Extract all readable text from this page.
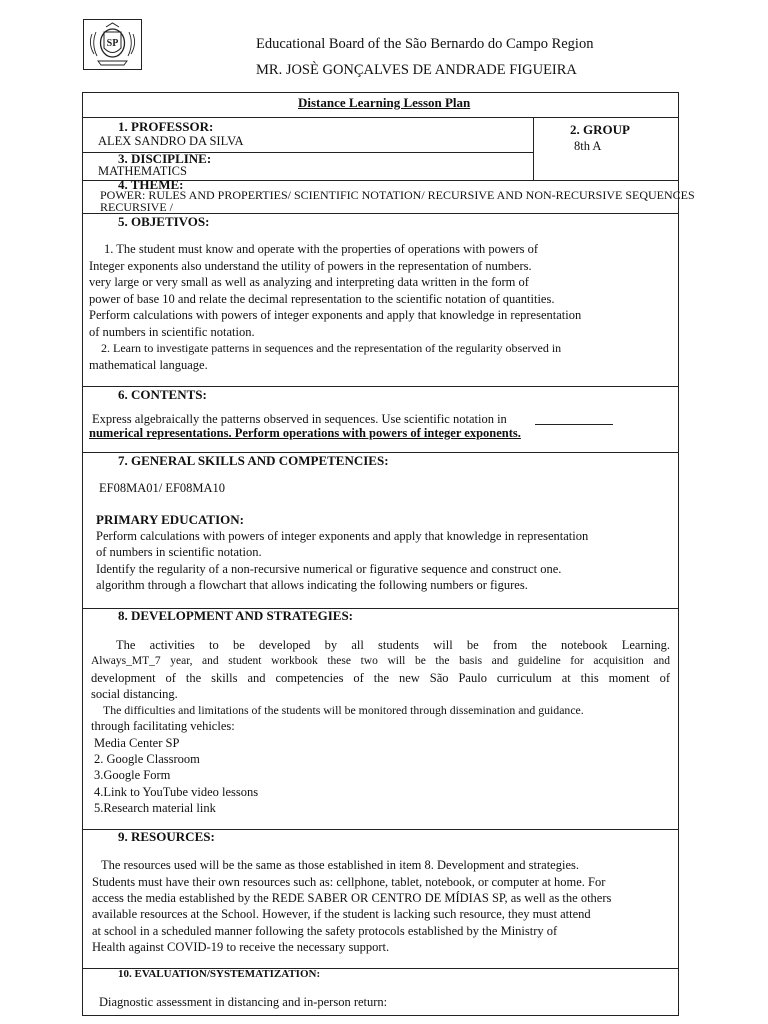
SP	Educational Board of the São Bernardo do Campo Region
MR. JOSÈ GONÇALVES DE ANDRADE FIGUEIRA
Distance Learning Lesson Plan
1. PROFESSOR:
ALEX SANDRO DA SILVA
2. GROUP
8th A
3. DISCIPLINE:
MATHEMATICS
4. THEME:
POWER: RULES AND PROPERTIES/ SCIENTIFIC NOTATION/ RECURSIVE AND NON-RECURSIVE SEQUENCES
RECURSIVE /
5. OBJETIVOS:
1. The student must know and operate with the properties of operations with powers of
Integer exponents also understand the utility of powers in the representation of numbers.
very large or very small as well as analyzing and interpreting data written in the form of
power of base 10 and relate the decimal representation to the scientific notation of quantities.
Perform calculations with powers of integer exponents and apply that knowledge in representation
of numbers in scientific notation.
2. Learn to investigate patterns in sequences and the representation of the regularity observed in
mathematical language.
6. CONTENTS:
Express algebraically the patterns observed in sequences. Use scientific notation in
numerical representations. Perform operations with powers of integer exponents.
7. GENERAL SKILLS AND COMPETENCIES:
EF08MA01/ EF08MA10
PRIMARY EDUCATION:
Perform calculations with powers of integer exponents and apply that knowledge in representation
of numbers in scientific notation.
Identify the regularity of a non-recursive numerical or figurative sequence and construct one.
algorithm through a flowchart that allows indicating the following numbers or figures.
8. DEVELOPMENT AND STRATEGIES:
The activities to be developed by all students will be from the notebook Learning.
Always_MT_7 year, and student workbook these two will be the basis and guideline for acquisition and
development of the skills and competencies of the new São Paulo curriculum at this moment of
social distancing.
The difficulties and limitations of the students will be monitored through dissemination and guidance.
through facilitating vehicles:
Media Center SP
2. Google Classroom
3.Google Form
4.Link to YouTube video lessons
5.Research material link
9. RESOURCES:
The resources used will be the same as those established in item 8. Development and strategies.
Students must have their own resources such as: cellphone, tablet, notebook, or computer at home. For
access the media established by the REDE SABER OR CENTRO DE MÍDIAS SP, as well as the others
available resources at the School. However, if the student is lacking such resource, they must attend
at school in a scheduled manner following the safety protocols established by the Ministry of
Health against COVID-19 to receive the necessary support.
10. EVALUATION/SYSTEMATIZATION:
Diagnostic assessment in distancing and in-person return:
